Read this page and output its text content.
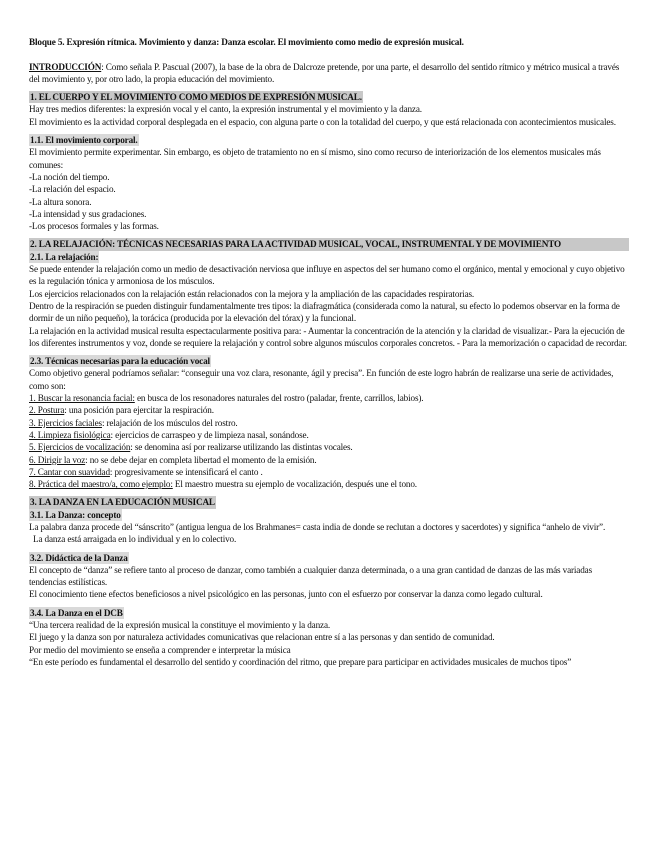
Bloque 5. Expresión rítmica. Movimiento y danza: Danza escolar. El movimiento como medio de expresión musical.

INTRODUCCIÓN: Como señala P. Pascual (2007), la base de la obra de Dalcroze pretende, por una parte, el desarrollo del sentido rítmico y métrico musical a través del movimiento y, por otro lado, la propia educación del movimiento.

1. EL CUERPO Y EL MOVIMIENTO COMO MEDIOS DE EXPRESIÓN MUSICAL.

Hay tres medios diferentes: la expresión vocal y el canto, la expresión instrumental y el movimiento y la danza.

El movimiento es la actividad corporal desplegada en el espacio, con alguna parte o con la totalidad del cuerpo, y que está relacionada con acontecimientos musicales.

1.1. El movimiento corporal.

El movimiento permite experimentar. Sin embargo, es objeto de tratamiento no en sí mismo, sino como recurso de interiorización de los elementos musicales más comunes:

-La noción del tiempo.

-La relación del espacio.

-La altura sonora.

-La intensidad y sus gradaciones.

-Los procesos formales y las formas.

2. LA RELAJACIÓN: TÉCNICAS NECESARIAS PARA LA ACTIVIDAD MUSICAL, VOCAL, INSTRUMENTAL Y DE MOVIMIENTO

2.1. La relajación:

Se puede entender la relajación como un medio de desactivación nerviosa que influye en aspectos del ser humano como el orgánico, mental y emocional y cuyo objetivo es la regulación tónica y armoniosa de los músculos.

Los ejercicios relacionados con la relajación están relacionados con la mejora y la ampliación de las capacidades respiratorias.

Dentro de la respiración se pueden distinguir fundamentalmente tres tipos: la diafragmática (considerada como la natural, su efecto lo podemos observar en la forma de dormir de un niño pequeño), la torácica (producida por la elevación del tórax) y la funcional.

La relajación en la actividad musical resulta espectacularmente positiva para: - Aumentar la concentración de la atención y la claridad de visualizar.- Para la ejecución de los diferentes instrumentos y voz, donde se requiere la relajación y control sobre algunos músculos corporales concretos. - Para la memorización o capacidad de recordar.

2.3. Técnicas necesarias para la educación vocal

Como objetivo general podríamos señalar: “conseguir una voz clara, resonante, ágil y precisa”. En función de este logro habrán de realizarse una serie de actividades, como son:

1. Buscar la resonancia facial: en busca de los resonadores naturales del rostro (paladar, frente, carrillos, labios).

2. Postura: una posición para ejercitar la respiración.

3. Ejercicios faciales: relajación de los músculos del rostro.

4. Limpieza fisiológica: ejercicios de carraspeo y de limpieza nasal, sonándose.

5. Ejercicios de vocalización: se denomina así por realizarse utilizando las distintas vocales.

6. Dirigir la voz: no se debe dejar en completa libertad el momento de la emisión.

7. Cantar con suavidad: progresivamente se intensificará el canto .

8. Práctica del maestro/a, como ejemplo: El maestro muestra su ejemplo de vocalización, después une el tono.

3. LA DANZA EN LA EDUCACIÓN MUSICAL

3.1. La Danza: concepto

La palabra danza procede del “sánscrito” (antigua lengua de los Brahmanes= casta india de donde se reclutan a doctores y sacerdotes) y significa “anhelo de vivir”.

La danza está arraigada en lo individual y en lo colectivo.

3.2. Didáctica de la Danza

El concepto de “danza” se refiere tanto al proceso de danzar, como también a cualquier danza determinada, o a una gran cantidad de danzas de las más variadas tendencias estilísticas.

El conocimiento tiene efectos beneficiosos a nivel psicológico en las personas, junto con el esfuerzo por conservar la danza como legado cultural.

3.4. La Danza en el DCB

“Una tercera realidad de la expresión musical la constituye el movimiento y la danza.

El juego y la danza son por naturaleza actividades comunicativas que relacionan entre sí a las personas y dan sentido de comunidad.

Por medio del movimiento se enseña a comprender e interpretar la música

“En este período es fundamental el desarrollo del sentido y coordinación del ritmo, que prepare para participar en actividades musicales de muchos tipos”
